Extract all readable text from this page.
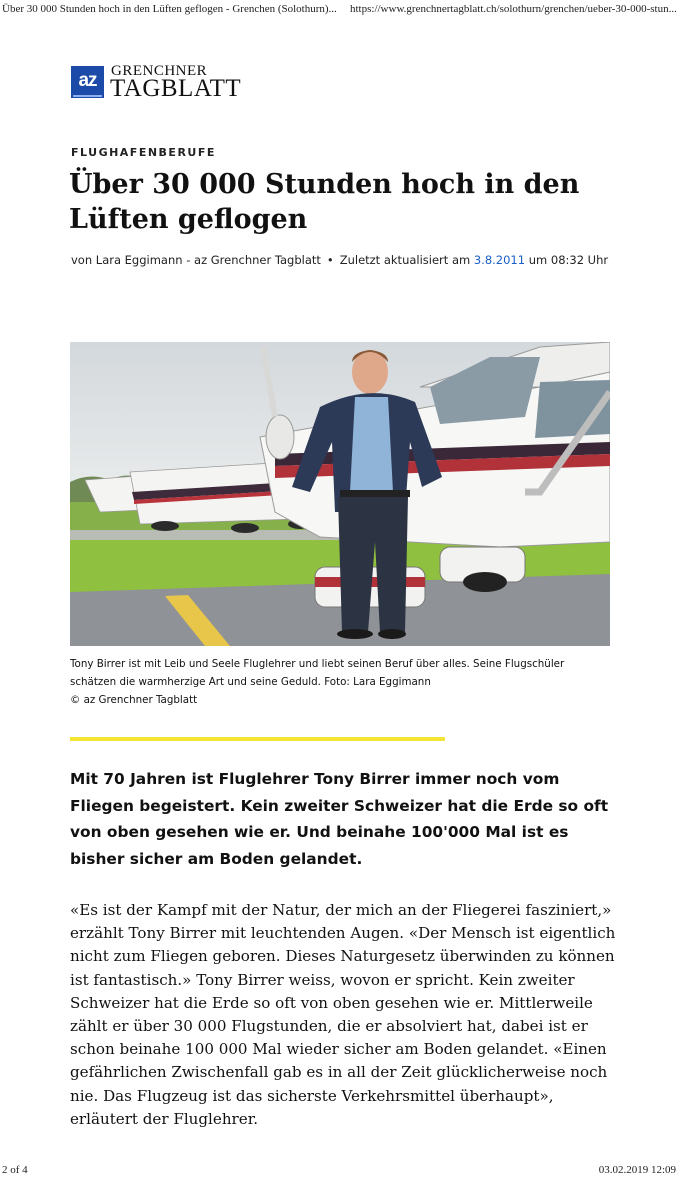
Über 30 000 Stunden hoch in den Lüften geflogen - Grenchen (Solothurn)... https://www.grenchnertagblatt.ch/solothurn/grenchen/ueber-30-000-stun...
az GRENCHNER
TAGBLATT
FLUGHAFENBERUFE
Über 30 000 Stunden hoch in den Lüften geflogen
von Lara Eggimann - az Grenchner Tagblatt • Zuletzt aktualisiert am 3.8.2011 um 08:32 Uhr

Tony Birrer ist mit Leib und Seele Fluglehrer und liebt seinen Beruf über alles. Seine Flugschüler schätzen die warmherzige Art und seine Geduld. Foto: Lara Eggimann

© az Grenchner Tagblatt

Mit 70 Jahren ist Fluglehrer Tony Birrer immer noch vom Fliegen begeistert. Kein zweiter Schweizer hat die Erde so oft von oben gesehen wie er. Und beinahe 100'000 Mal ist es bisher sicher am Boden gelandet.

«Es ist der Kampf mit der Natur, der mich an der Fliegerei fasziniert,» erzählt Tony Birrer mit leuchtenden Augen. «Der Mensch ist eigentlich nicht zum Fliegen geboren. Dieses Naturgesetz überwinden zu können ist fantastisch.» Tony Birrer weiss, wovon er spricht. Kein zweiter Schweizer hat die Erde so oft von oben gesehen wie er. Mittlerweile zählt er über 30 000 Flugstunden, die er absolviert hat, dabei ist er schon beinahe 100 000 Mal wieder sicher am Boden gelandet. «Einen gefährlichen Zwischenfall gab es in all der Zeit glücklicherweise noch nie. Das Flugzeug ist das sicherste Verkehrsmittel überhaupt», erläutert der Fluglehrer.

2 of 4	03.02.2019 12:09
